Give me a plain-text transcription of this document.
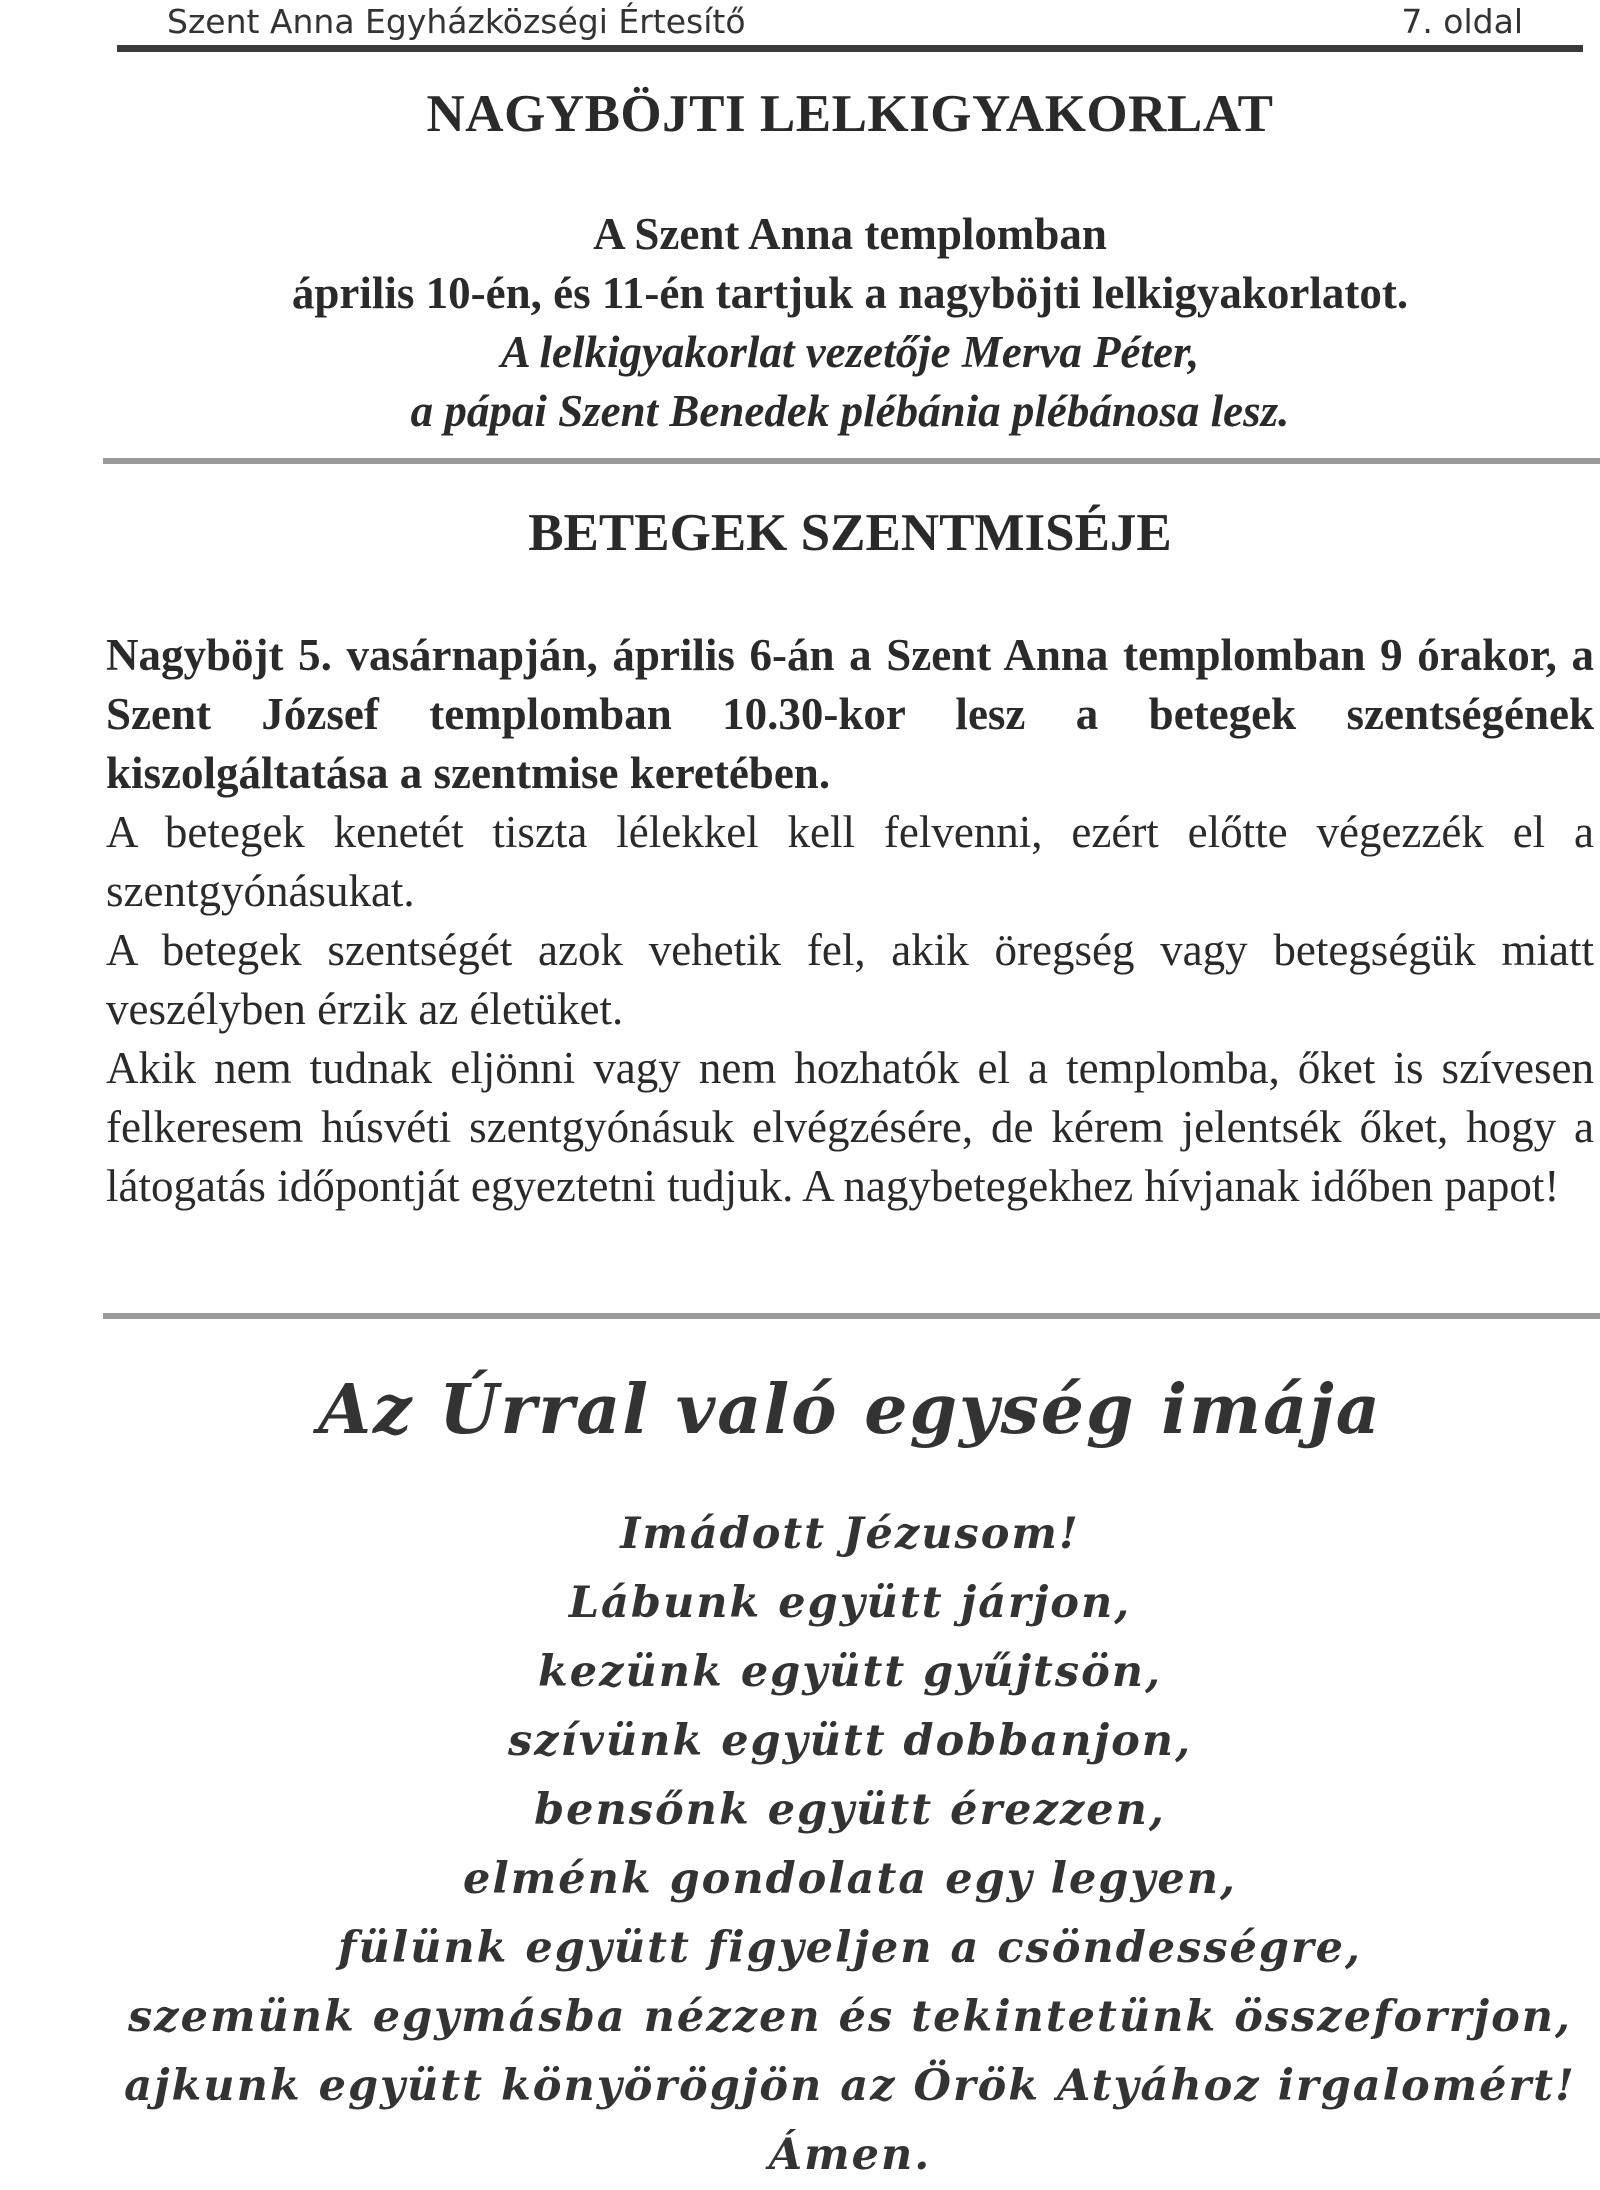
Szent Anna Egyházközségi Értesítő	7. oldal
NAGYBÖJTI LELKIGYAKORLAT
A Szent Anna templomban
április 10-én, és 11-én tartjuk a nagyböjti lelkigyakorlatot.
A lelkigyakorlat vezetője Merva Péter,
a pápai Szent Benedek plébánia plébánosa lesz.
BETEGEK SZENTMISÉJE
Nagyböjt 5. vasárnapján, április 6-án a Szent Anna templomban 9 órakor, a Szent József templomban 10.30-kor lesz a betegek szentségének kiszolgáltatása a szentmise keretében.
A betegek kenetét tiszta lélekkel kell felvenni, ezért előtte végezzék el a szentgyónásukat.
A betegek szentségét azok vehetik fel, akik öregség vagy betegségük miatt veszélyben érzik az életüket.
Akik nem tudnak eljönni vagy nem hozhatók el a templomba, őket is szívesen felkeresem húsvéti szentgyónásuk elvégzésére, de kérem jelentsék őket, hogy a látogatás időpontját egyeztetni tudjuk. A nagybetegekhez hívjanak időben papot!
Az Úrral való egység imája
Imádott Jézusom!
Lábunk együtt járjon,
kezünk együtt gyűjtsön,
szívünk együtt dobbanjon,
bensőnk együtt érezzen,
elménk gondolata egy legyen,
fülünk együtt figyeljen a csöndességre,
szemünk egymásba nézzen és tekintetünk összeforrjon,
ajkunk együtt könyörögjön az Örök Atyához irgalomért!
Ámen.
